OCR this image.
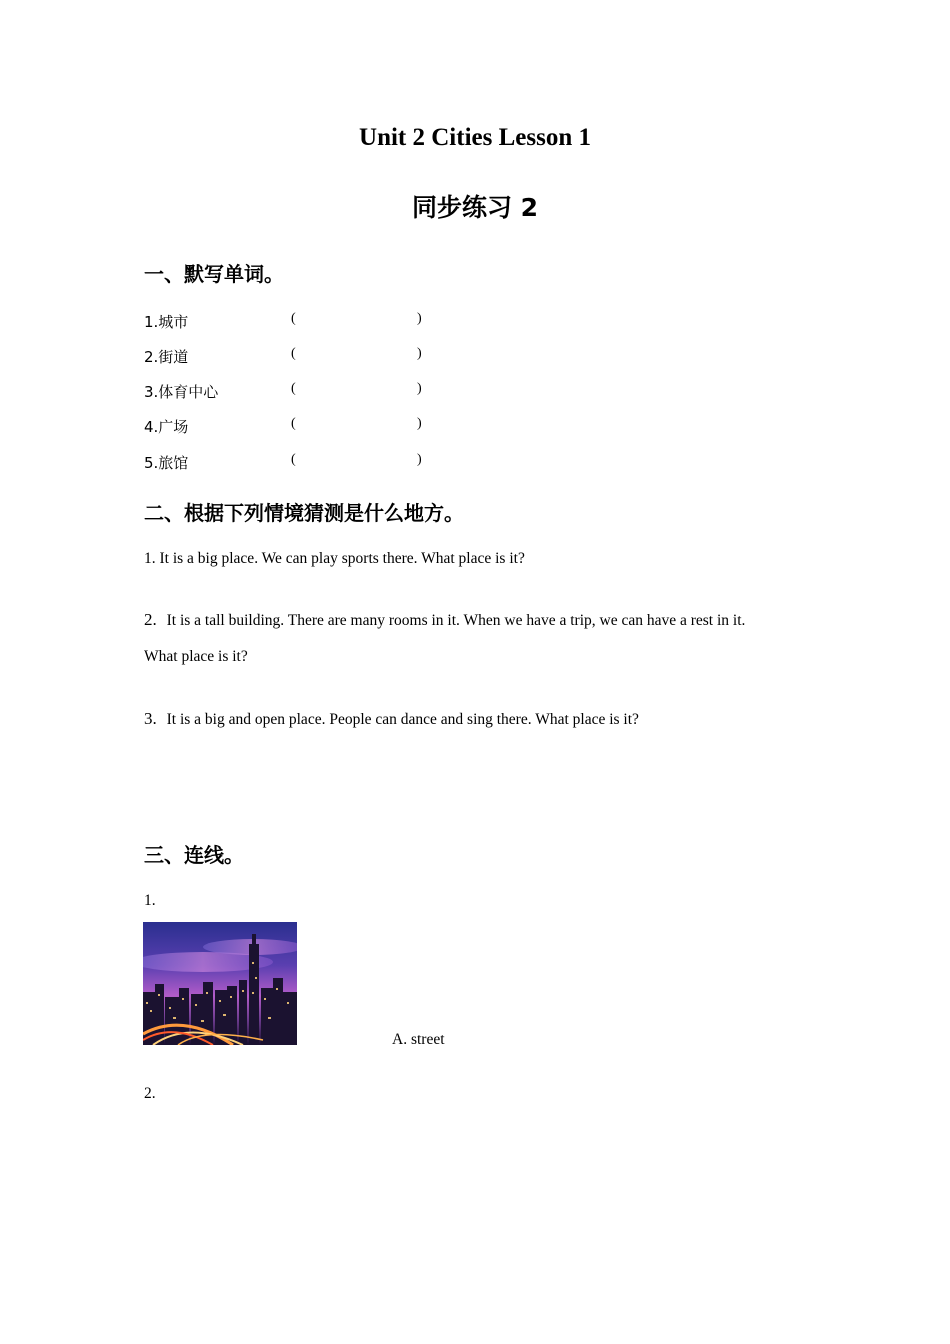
Unit 2 Cities Lesson 1
同步练习 2
一、默写单词。
1.城市	(	)
2.街道	(	)
3.体育中心	(	)
4.广场	(	)
5.旅馆	(	)
二、根据下列情境猜测是什么地方。
1. It is a big place. We can play sports there. What place is it?
2. It is a tall building. There are many rooms in it. When we have a trip, we can have a rest in it.
What place is it?
3. It is a big and open place. People can dance and sing there. What place is it?
三、连线。
1.
A. street
2.
